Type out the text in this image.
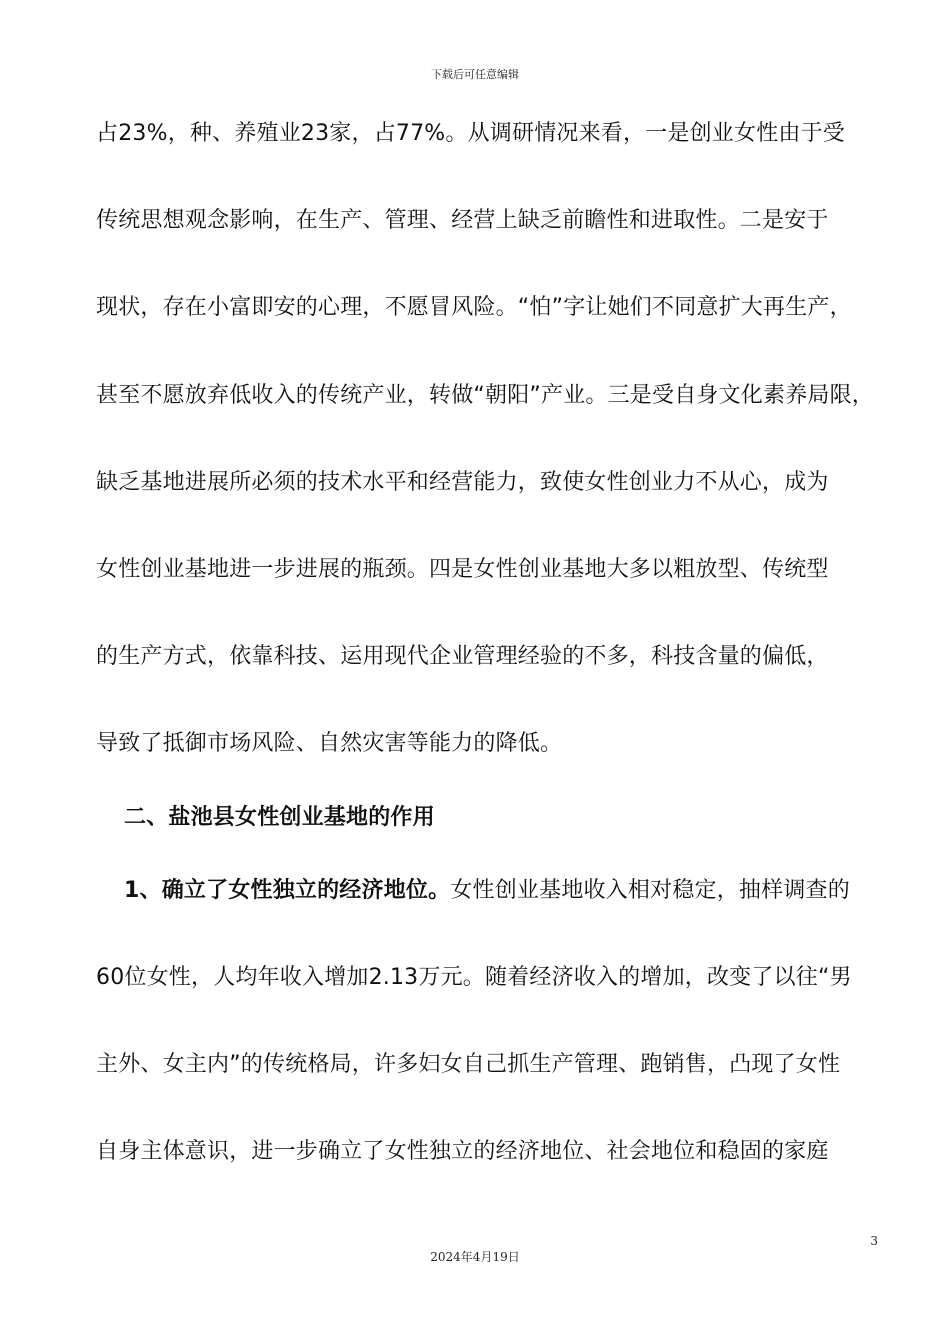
下载后可任意编辑
占23%，种、养殖业23家，占77%。从调研情况来看，一是创业女性由于受
传统思想观念影响，在生产、管理、经营上缺乏前瞻性和进取性。二是安于
现状，存在小富即安的心理，不愿冒风险。“怕”字让她们不同意扩大再生产，
甚至不愿放弃低收入的传统产业，转做“朝阳”产业。三是受自身文化素养局限，
缺乏基地进展所必须的技术水平和经营能力，致使女性创业力不从心，成为
女性创业基地进一步进展的瓶颈。四是女性创业基地大多以粗放型、传统型
的生产方式，依靠科技、运用现代企业管理经验的不多，科技含量的偏低，
导致了抵御市场风险、自然灾害等能力的降低。
二、盐池县女性创业基地的作用
1、确立了女性独立的经济地位。女性创业基地收入相对稳定，抽样调查的
60位女性，人均年收入增加2.13万元。随着经济收入的增加，改变了以往“男
主外、女主内”的传统格局，许多妇女自己抓生产管理、跑销售，凸现了女性
自身主体意识，进一步确立了女性独立的经济地位、社会地位和稳固的家庭
3
2024年4月19日
